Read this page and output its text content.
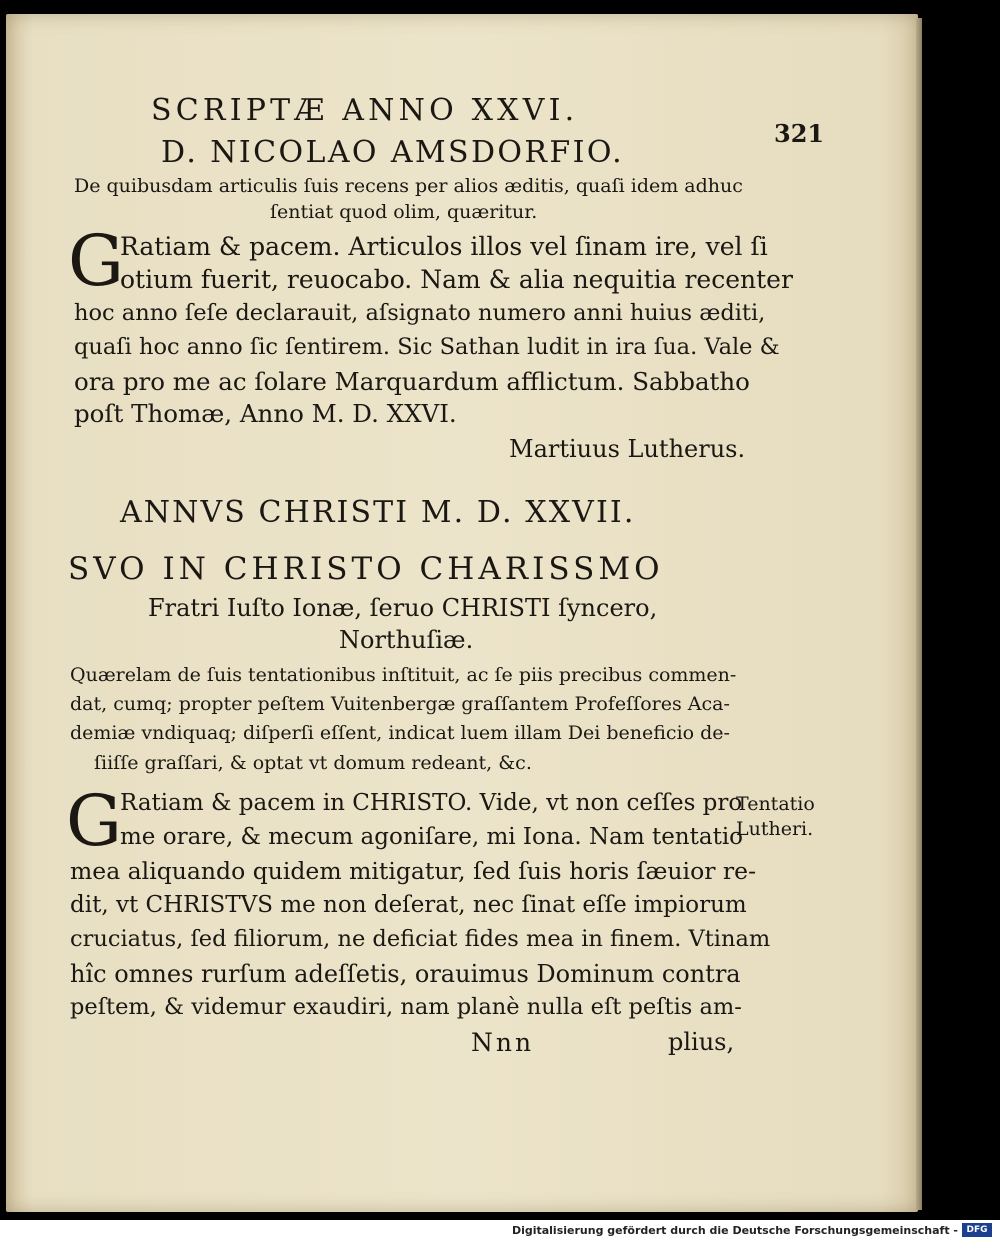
SCRIPTÆ ANNO XXVI.
321
D. NICOLAO AMSDORFIO.
De quibusdam articulis ſuis recens per alios æditis, quaſi idem adhuc
ſentiat quod olim, quæritur.
G
Ratiam & pacem. Articulos illos vel ſinam ire, vel ſi
otium fuerit, reuocabo. Nam & alia nequitia recenter
hoc anno ſeſe declarauit, aſsignato numero anni huius æditi,
quaſi hoc anno ſic ſentirem. Sic Sathan ludit in ira ſua. Vale &
ora pro me ac ſolare Marquardum afflictum. Sabbatho
poſt Thomæ, Anno M. D. XXVI.
Martiuus Lutherus.
ANNVS CHRISTI M. D. XXVII.
SVO IN CHRISTO CHARISSMO
Fratri Iuſto Ionæ, ſeruo CHRISTI ſyncero,
Northuſiæ.
Quærelam de ſuis tentationibus inſtituit, ac ſe piis precibus commen-
dat, cumq; propter peſtem Vuitenbergæ graſſantem Profeſſores Aca-
demiæ vndiquaq; diſperſi eſſent, indicat luem illam Dei beneficio de-
ſiiſſe graſſari, & optat vt domum redeant, &c.
G
Ratiam & pacem in CHRISTO. Vide, vt non ceſſes pro
me orare, & mecum agoniſare, mi Iona. Nam tentatio
mea aliquando quidem mitigatur, ſed ſuis horis ſæuior re-
dit, vt CHRISTVS me non deſerat, nec ſinat eſſe impiorum
cruciatus, ſed filiorum, ne deficiat fides mea in finem. Vtinam
hîc omnes rurſum adeſſetis, orauimus Dominum contra
peſtem, & videmur exaudiri, nam planè nulla eſt peſtis am-
Tentatio
Lutheri.
Nnn	plius,
Digitalisierung gefördert durch die Deutsche Forschungsgemeinschaft - DFG
